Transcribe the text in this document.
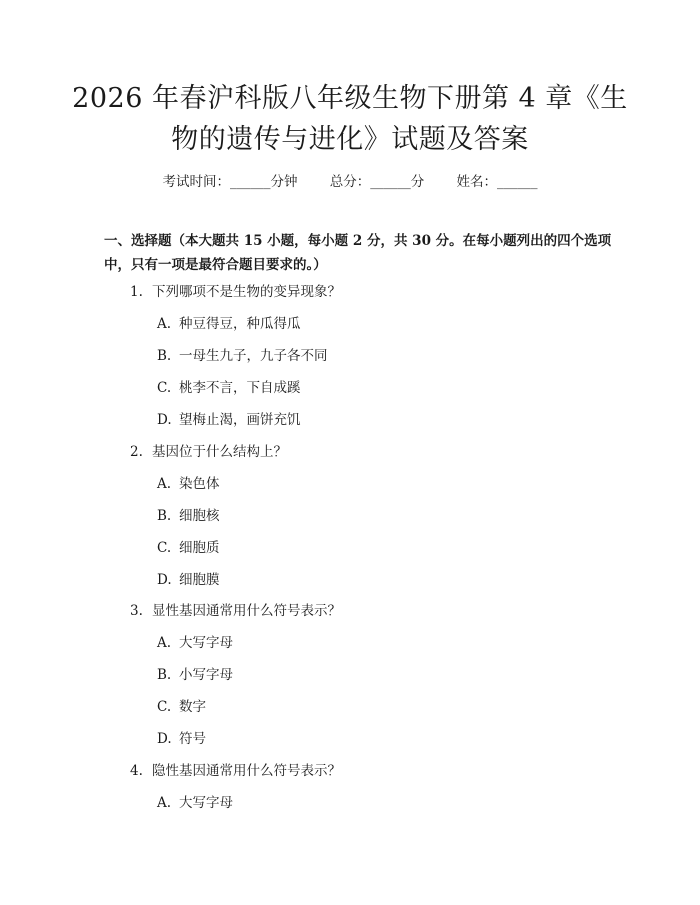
2026 年春沪科版八年级生物下册第 4 章《生物的遗传与进化》试题及答案
考试时间：______分钟 总分：______分 姓名：______

一、选择题（本大题共 15 小题，每小题 2 分，共 30 分。在每小题列出的四个选项中，只有一项是最符合题目要求的。）

1. 下列哪项不是生物的变异现象？
A. 种豆得豆，种瓜得瓜
B. 一母生九子，九子各不同
C. 桃李不言，下自成蹊
D. 望梅止渴，画饼充饥
2. 基因位于什么结构上？
A. 染色体
B. 细胞核
C. 细胞质
D. 细胞膜
3. 显性基因通常用什么符号表示？
A. 大写字母
B. 小写字母
C. 数字
D. 符号
4. 隐性基因通常用什么符号表示？
A. 大写字母
